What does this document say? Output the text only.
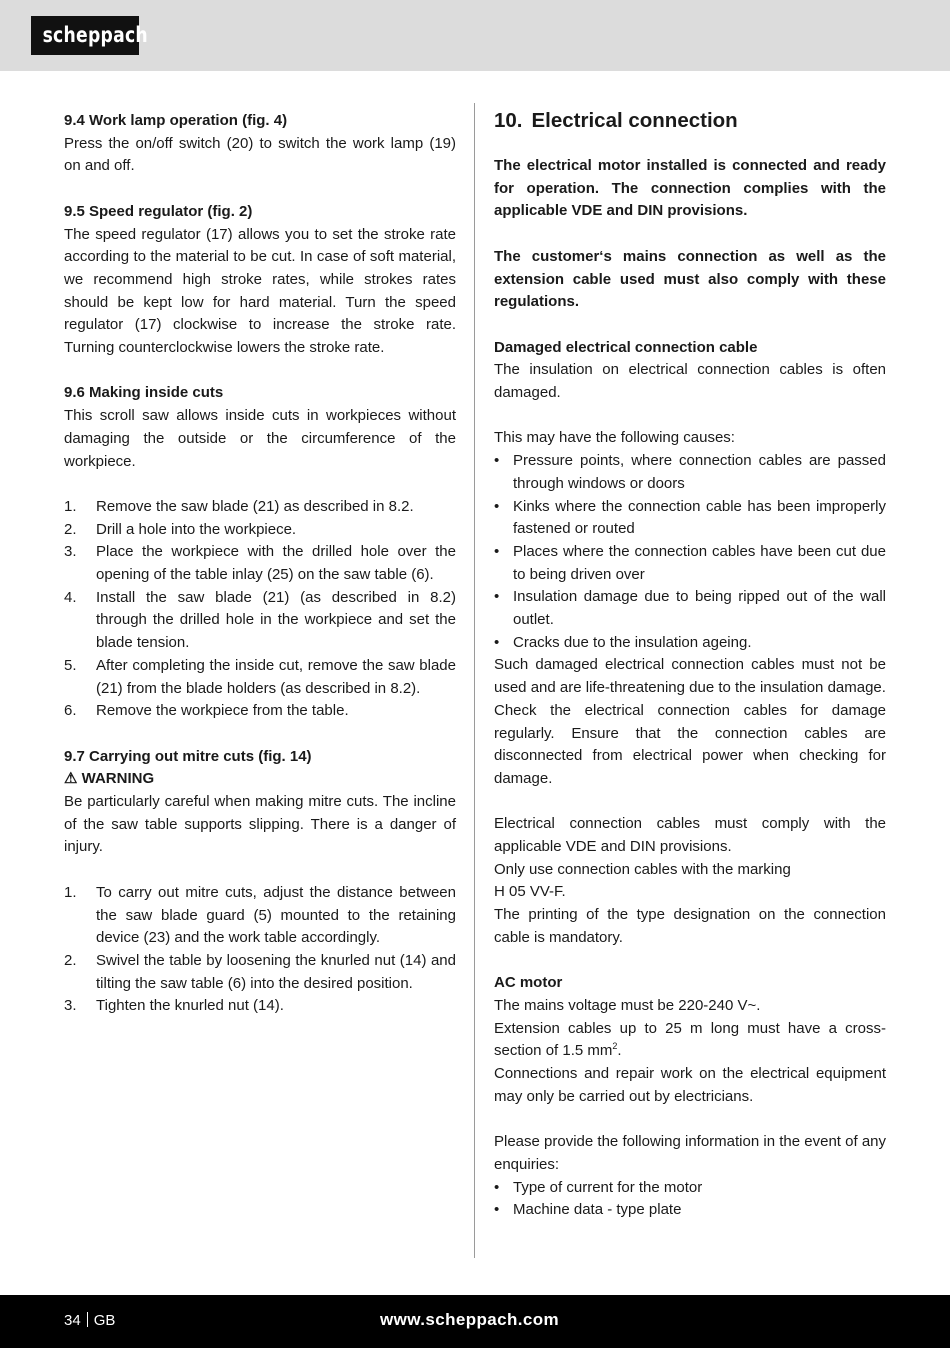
scheppach

9.4 Work lamp operation (fig. 4)

Press the on/off switch (20) to switch the work lamp (19) on and off.

9.5 Speed regulator (fig. 2)

The speed regulator (17) allows you to set the stroke rate according to the material to be cut. In case of soft material, we recommend high stroke rates, while strokes rates should be kept low for hard material. Turn the speed regulator (17) clockwise to increase the stroke rate. Turning counterclockwise lowers the stroke rate.

9.6 Making inside cuts

This scroll saw allows inside cuts in workpieces without damaging the outside or the circumference of the workpiece.

1. Remove the saw blade (21) as described in 8.2.
2. Drill a hole into the workpiece.
3. Place the workpiece with the drilled hole over the opening of the table inlay (25) on the saw table (6).
4. Install the saw blade (21) (as described in 8.2) through the drilled hole in the workpiece and set the blade tension.
5. After completing the inside cut, remove the saw blade (21) from the blade holders (as described in 8.2).
6. Remove the workpiece from the table.

9.7 Carrying out mitre cuts (fig. 14)

⚠ WARNING

Be particularly careful when making mitre cuts. The incline of the saw table supports slipping. There is a danger of injury.

1. To carry out mitre cuts, adjust the distance between the saw blade guard (5) mounted to the retaining device (23) and the work table accordingly.
2. Swivel the table by loosening the knurled nut (14) and tilting the saw table (6) into the desired position.
3. Tighten the knurled nut (14).

10. Electrical connection

The electrical motor installed is connected and ready for operation. The connection complies with the applicable VDE and DIN provisions.

The customer‘s mains connection as well as the extension cable used must also comply with these regulations.

Damaged electrical connection cable

The insulation on electrical connection cables is often damaged.

This may have the following causes:

• Pressure points, where connection cables are passed through windows or doors
• Kinks where the connection cable has been improperly fastened or routed
• Places where the connection cables have been cut due to being driven over
• Insulation damage due to being ripped out of the wall outlet.
• Cracks due to the insulation ageing.

Such damaged electrical connection cables must not be used and are life-threatening due to the insulation damage.

Check the electrical connection cables for damage regularly. Ensure that the connection cables are disconnected from electrical power when checking for damage.

Electrical connection cables must comply with the applicable VDE and DIN provisions.

Only use connection cables with the marking

H 05 VV-F.

The printing of the type designation on the connection cable is mandatory.

AC motor

The mains voltage must be 220-240 V~.

Extension cables up to 25 m long must have a cross-section of 1.5 $mm^2$.

Connections and repair work on the electrical equipment may only be carried out by electricians.

Please provide the following information in the event of any enquiries:

• Type of current for the motor
• Machine data - type plate
34 GB	www.scheppach.com
